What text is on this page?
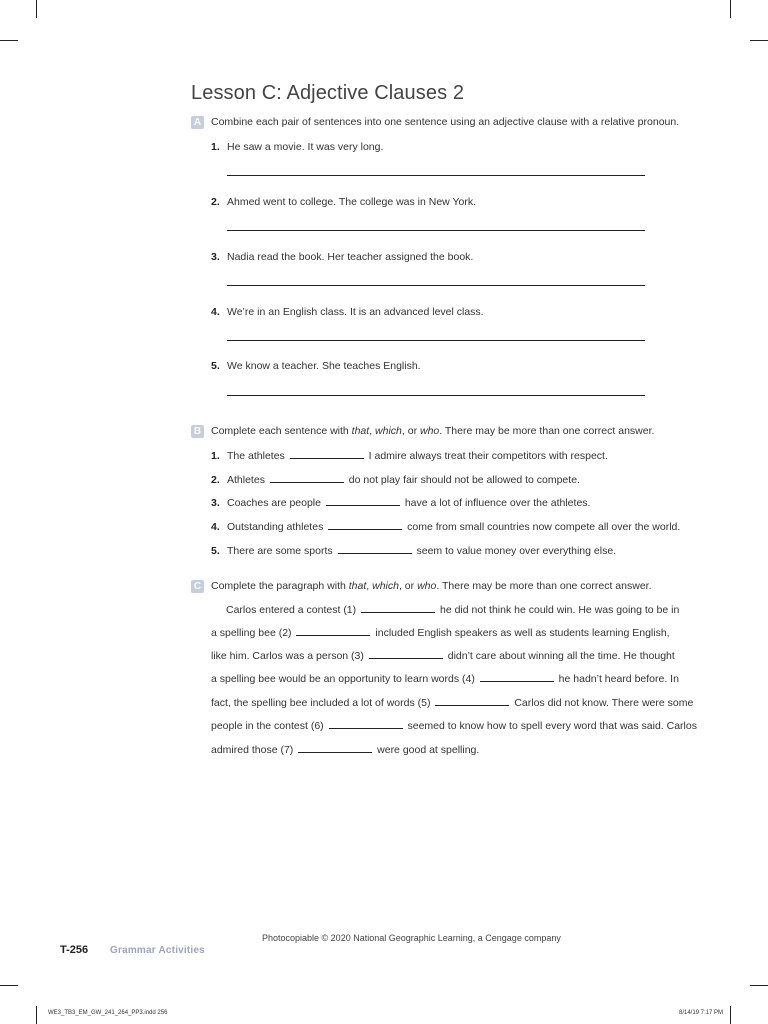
Lesson C: Adjective Clauses 2
A Combine each pair of sentences into one sentence using an adjective clause with a relative pronoun.
1. He saw a movie. It was very long.
2. Ahmed went to college. The college was in New York.
3. Nadia read the book. Her teacher assigned the book.
4. We’re in an English class. It is an advanced level class.
5. We know a teacher. She teaches English.
B Complete each sentence with that, which, or who. There may be more than one correct answer.
1. The athletes	I admire always treat their competitors with respect.
2. Athletes	do not play fair should not be allowed to compete.
3. Coaches are people	have a lot of influence over the athletes.
4. Outstanding athletes	come from small countries now compete all over the world.
5. There are some sports	seem to value money over everything else.
C Complete the paragraph with that, which, or who. There may be more than one correct answer.
Carlos entered a contest (1)	he did not think he could win. He was going to be in
a spelling bee (2)	included English speakers as well as students learning English,
like him. Carlos was a person (3)	didn’t care about winning all the time. He thought
a spelling bee would be an opportunity to learn words (4)	he hadn’t heard before. In
fact, the spelling bee included a lot of words (5)	Carlos did not know. There were some
people in the contest (6)	seemed to know how to spell every word that was said. Carlos
admired those (7)	were good at spelling.
Photocopiable © 2020 National Geographic Learning, a Cengage company
T-256 Grammar Activities
WE3_TB3_EM_GW_241_264_PP3.indd 256	8/14/19 7:17 PM
